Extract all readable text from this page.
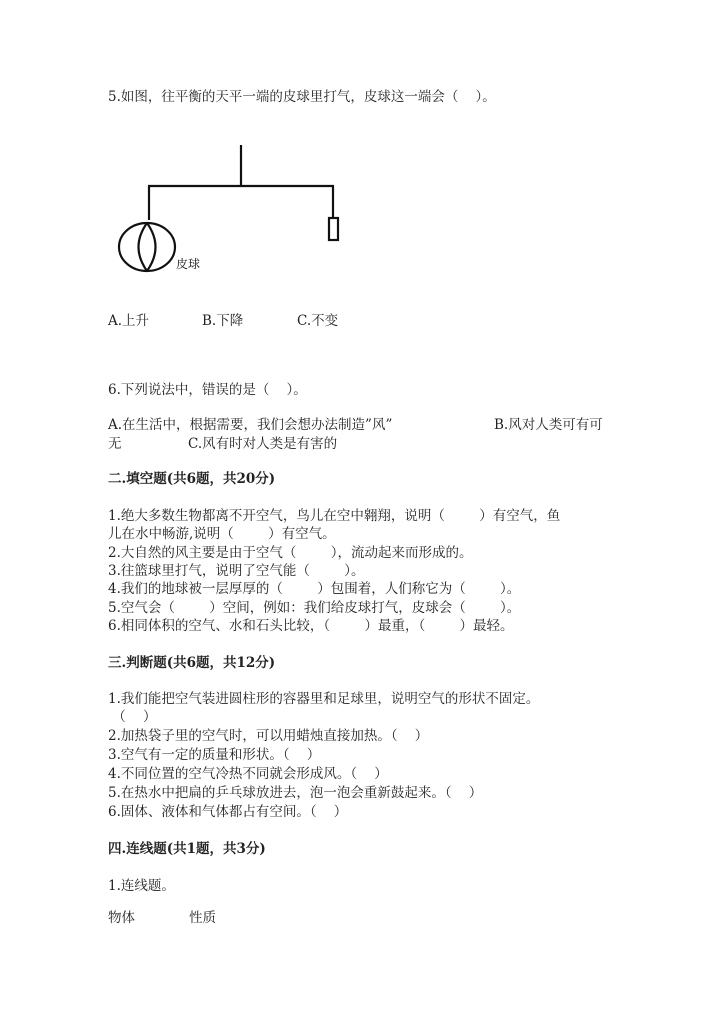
5.如图，往平衡的天平一端的皮球里打气，皮球这一端会（    ）。
皮球
A.上升	B.下降	C.不变
6.下列说法中，错误的是（    ）。
A.在生活中，根据需要，我们会想办法制造”风”	B.风对人类可有可
无	C.风有时对人类是有害的
二.填空题(共6题，共20分)
1.绝大多数生物都离不开空气，鸟儿在空中翱翔，说明（        ）有空气，鱼
儿在水中畅游,说明（        ）有空气。
2.大自然的风主要是由于空气（        ），流动起来而形成的。
3.往篮球里打气，说明了空气能（        ）。
4.我们的地球被一层厚厚的（        ）包围着，人们称它为（        ）。
5.空气会（        ）空间，例如：我们给皮球打气，皮球会（        ）。
6.相同体积的空气、水和石头比较，（        ）最重，（        ）最轻。
三.判断题(共6题，共12分)
1.我们能把空气装进圆柱形的容器里和足球里，说明空气的形状不固定。
（    ）
2.加热袋子里的空气时，可以用蜡烛直接加热。（    ）
3.空气有一定的质量和形状。（    ）
4.不同位置的空气冷热不同就会形成风。（    ）
5.在热水中把扁的乒乓球放进去，泡一泡会重新鼓起来。（    ）
6.固体、液体和气体都占有空间。（    ）
四.连线题(共1题，共3分)
1.连线题。
物体	性质
